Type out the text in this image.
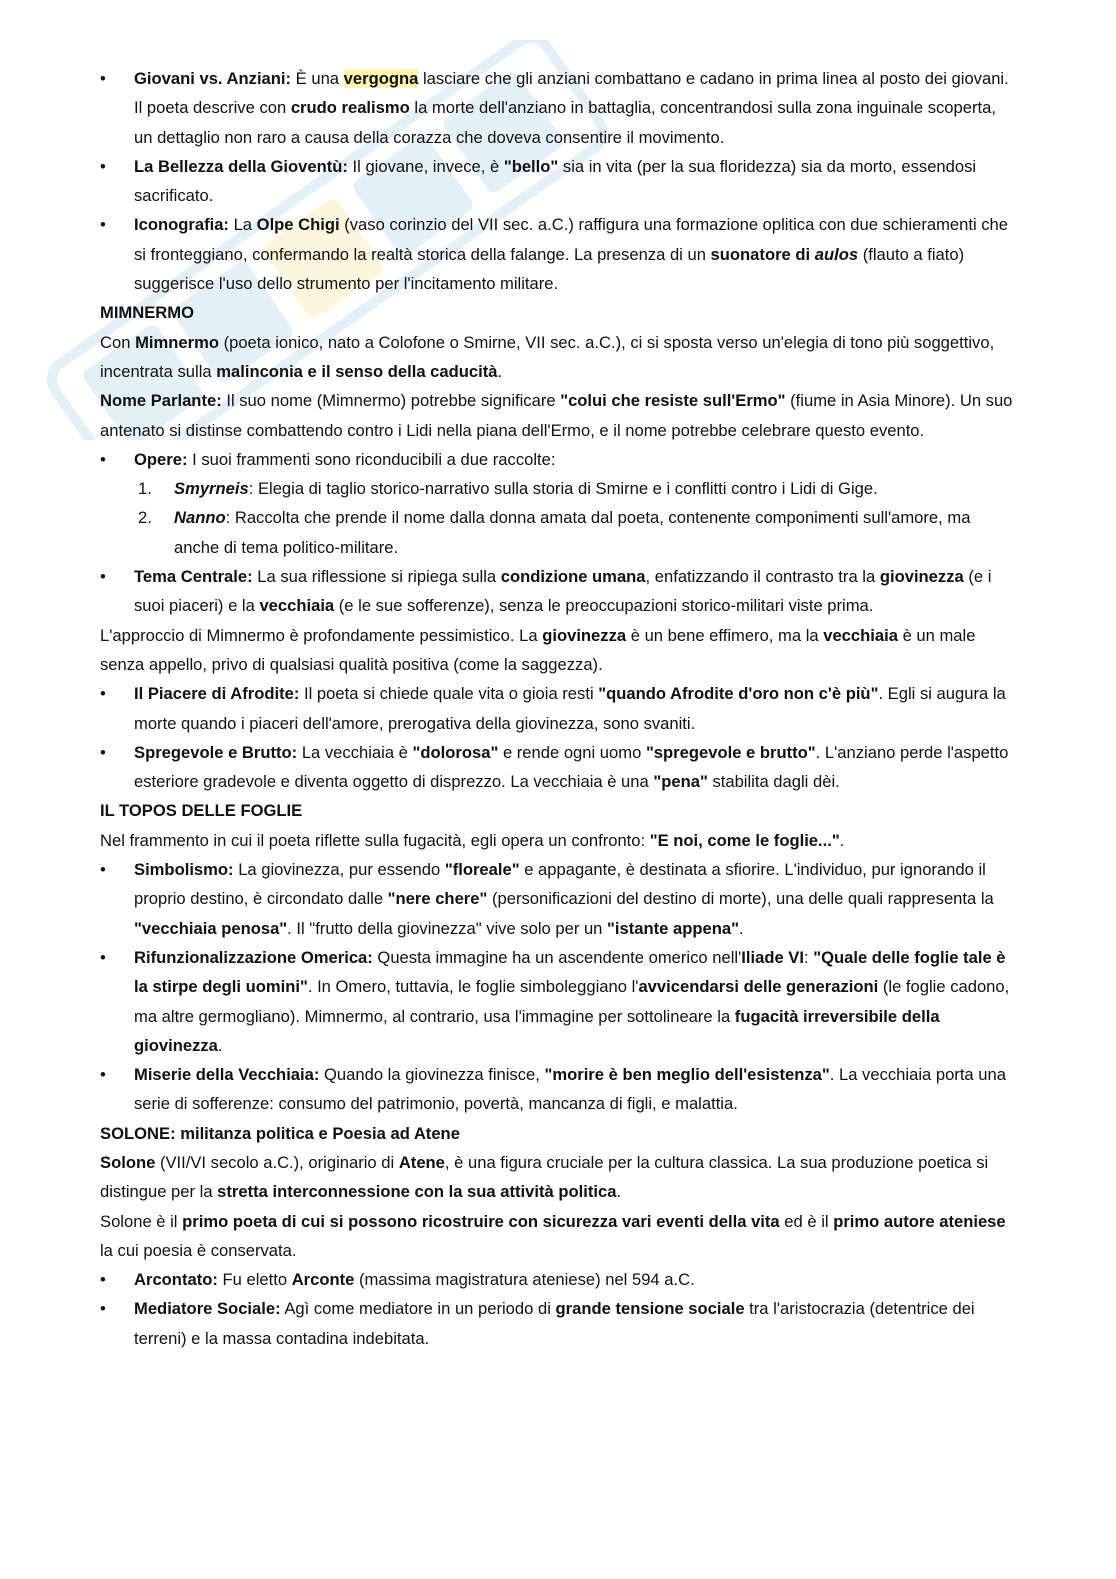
• Giovani vs. Anziani: È una vergogna lasciare che gli anziani combattano e cadano in prima linea al posto dei giovani. Il poeta descrive con crudo realismo la morte dell'anziano in battaglia, concentrandosi sulla zona inguinale scoperta, un dettaglio non raro a causa della corazza che doveva consentire il movimento.
• La Bellezza della Gioventù: Il giovane, invece, è "bello" sia in vita (per la sua floridezza) sia da morto, essendosi sacrificato.
• Iconografia: La Olpe Chigi (vaso corinzio del VII sec. a.C.) raffigura una formazione oplitica con due schieramenti che si fronteggiano, confermando la realtà storica della falange. La presenza di un suonatore di aulos (flauto a fiato) suggerisce l'uso dello strumento per l'incitamento militare.
MIMNERMO
Con Mimnermo (poeta ionico, nato a Colofone o Smirne, VII sec. a.C.), ci si sposta verso un'elegia di tono più soggettivo, incentrata sulla malinconia e il senso della caducità.
Nome Parlante: Il suo nome (Mimnermo) potrebbe significare "colui che resiste sull'Ermo" (fiume in Asia Minore). Un suo antenato si distinse combattendo contro i Lidi nella piana dell'Ermo, e il nome potrebbe celebrare questo evento.
• Opere: I suoi frammenti sono riconducibili a due raccolte:
1. Smyrneis: Elegia di taglio storico-narrativo sulla storia di Smirne e i conflitti contro i Lidi di Gige.
2. Nanno: Raccolta che prende il nome dalla donna amata dal poeta, contenente componimenti sull'amore, ma anche di tema politico-militare.
• Tema Centrale: La sua riflessione si ripiega sulla condizione umana, enfatizzando il contrasto tra la giovinezza (e i suoi piaceri) e la vecchiaia (e le sue sofferenze), senza le preoccupazioni storico-militari viste prima.
L'approccio di Mimnermo è profondamente pessimistico. La giovinezza è un bene effimero, ma la vecchiaia è un male senza appello, privo di qualsiasi qualità positiva (come la saggezza).
• Il Piacere di Afrodite: Il poeta si chiede quale vita o gioia resti "quando Afrodite d'oro non c'è più". Egli si augura la morte quando i piaceri dell'amore, prerogativa della giovinezza, sono svaniti.
• Spregevole e Brutto: La vecchiaia è "dolorosa" e rende ogni uomo "spregevole e brutto". L'anziano perde l'aspetto esteriore gradevole e diventa oggetto di disprezzo. La vecchiaia è una "pena" stabilita dagli dèi.
IL TOPOS DELLE FOGLIE
Nel frammento in cui il poeta riflette sulla fugacità, egli opera un confronto: "E noi, come le foglie...".
• Simbolismo: La giovinezza, pur essendo "floreale" e appagante, è destinata a sfiorire. L'individuo, pur ignorando il proprio destino, è circondato dalle "nere chere" (personificazioni del destino di morte), una delle quali rappresenta la "vecchiaia penosa". Il "frutto della giovinezza" vive solo per un "istante appena".
• Rifunzionalizzazione Omerica: Questa immagine ha un ascendente omerico nell'Iliade VI: "Quale delle foglie tale è la stirpe degli uomini". In Omero, tuttavia, le foglie simboleggiano l'avvicendarsi delle generazioni (le foglie cadono, ma altre germogliano). Mimnermo, al contrario, usa l'immagine per sottolineare la fugacità irreversibile della giovinezza.
• Miserie della Vecchiaia: Quando la giovinezza finisce, "morire è ben meglio dell'esistenza". La vecchiaia porta una serie di sofferenze: consumo del patrimonio, povertà, mancanza di figli, e malattia.
SOLONE: militanza politica e Poesia ad Atene
Solone (VII/VI secolo a.C.), originario di Atene, è una figura cruciale per la cultura classica. La sua produzione poetica si distingue per la stretta interconnessione con la sua attività politica.
Solone è il primo poeta di cui si possono ricostruire con sicurezza vari eventi della vita ed è il primo autore ateniese la cui poesia è conservata.
• Arcontato: Fu eletto Arconte (massima magistratura ateniese) nel 594 a.C.
• Mediatore Sociale: Agì come mediatore in un periodo di grande tensione sociale tra l'aristocrazia (detentrice dei terreni) e la massa contadina indebitata.
